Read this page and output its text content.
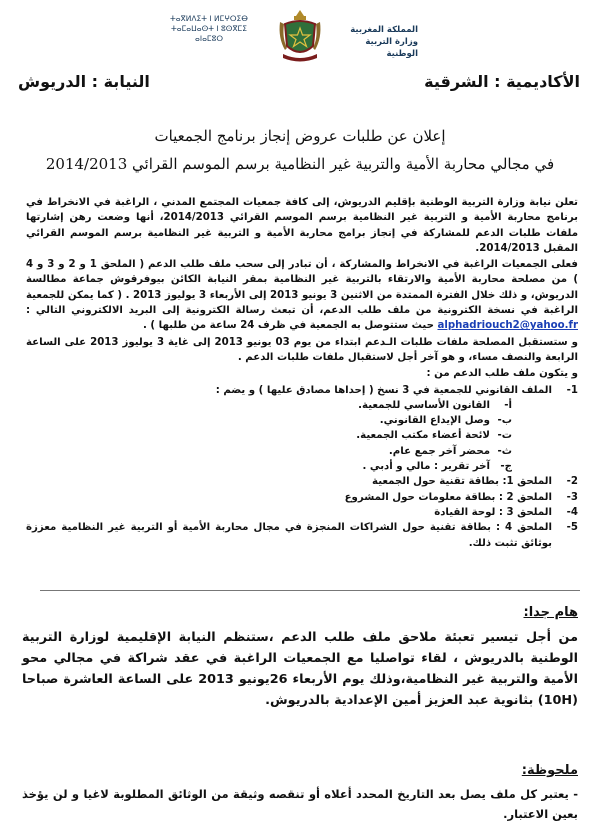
ⵜⴰⴳⵍⴷⵉⵜ ⵏ ⵍⵎⵖⵔⵉⴱ
ⵜⴰⵎⴰⵡⴰⵙⵜ ⵏ ⵓⵙⴳⵎⵉ
ⴰⵏⴰⵎⵓⵔ
المملكة المغربية
وزارة التربية الوطنية
الأكاديمية : الشرقية
النيابة : الدريوش
إعلان عن طلبات عروض إنجاز برنامج الجمعيات
في مجالي محاربة الأمية والتربية غير النظامية برسم الموسم القرائي 2014/2013

تعلن نيابة وزارة التربية الوطنية بإقليم الدريوش، إلى كافة جمعيات المجتمع المدني ، الراغبة في الانخراط في برنامج محاربة الأمية و التربية غير النظامية برسم الموسم القرائي 2014/2013، أنها وضعت رهن إشارتها ملفات طلبات الدعم للمشاركة في إنجاز برامج محاربة الأمية و التربية غير النظامية برسم الموسم القرائي المقبل 2014/2013.

فعلى الجمعيات الراغبة في الانخراط والمشاركة ، أن تبادر إلى سحب ملف طلب الدعم ( الملحق 1 و 2 و 3 و 4 ) من مصلحة محاربة الأمية والارتقاء بالتربية غير النظامية بمقر النيابة الكائن بيوفرقوش جماعة مطالسة الدريوش، و ذلك خلال الفترة الممتدة من الاثنين 3 يونيو 2013 إلى الأربعاء 3 يوليوز 2013 . ( كما يمكن للجمعية الراغبة في نسخة الكترونية من ملف طلب الدعم، أن تبعث رسالة الكترونية إلى البريد الالكتروني التالي : alphadriouch2@yahoo.fr حيث ستتوصل به الجمعية في ظرف 24 ساعة من طلبها ) .

و ستستقبل المصلحة ملفات طلبات الـدعم ابتداء من يوم 03 يونيو 2013 إلى غاية 3 يوليوز 2013 على الساعة الرابعة والنصف مساء، و هو آخر أجل لاستقبال ملفات طلبات الدعم .

و يتكون ملف طلب الدعم من :

1-
الملف القانوني للجمعية في 3 نسخ ( إحداها مصادق عليها ) و يضم :
أ-
القانون الأساسي للجمعية.
ب-
وصل الإيداع القانوني.
ت-
لائحة أعضاء مكتب الجمعية.
ث-
محضر آخر جمع عام.
ج-
آخر تقرير : مالي و أدبي .
2-
الملحق 1: بطاقة تقنية حول الجمعية
3-
الملحق 2 : بطاقة معلومات حول المشروع
4-
الملحق 3 : لوحة القيادة
5-
الملحق 4 : بطاقة تقنية حول الشراكات المنجزة في مجال محاربة الأمية أو التربية غير النظامية معززة بوثائق تثبت ذلك.
هام جدا:
من أجل تيسير تعبئة ملاحق ملف طلب الدعم ،ستنظم النيابة الإقليمية لوزارة التربية الوطنية بالدريوش ، لقاء تواصليا مع الجمعيات الراغبة في عقد شراكة في مجالي محو الأمية والتربية غير النظامية،وذلك يوم الأربعاء 26يونيو 2013 على الساعة العاشرة صباحا (10H) بثانوية عبد العزيز أمين الإعدادية بالدريوش.
ملحوظة:
- يعتبر كل ملف يصل بعد التاريخ المحدد أعلاه أو تنقصه وثيقة من الوثائق المطلوبة لاغيا و لن يؤخذ بعين الاعتبار.
